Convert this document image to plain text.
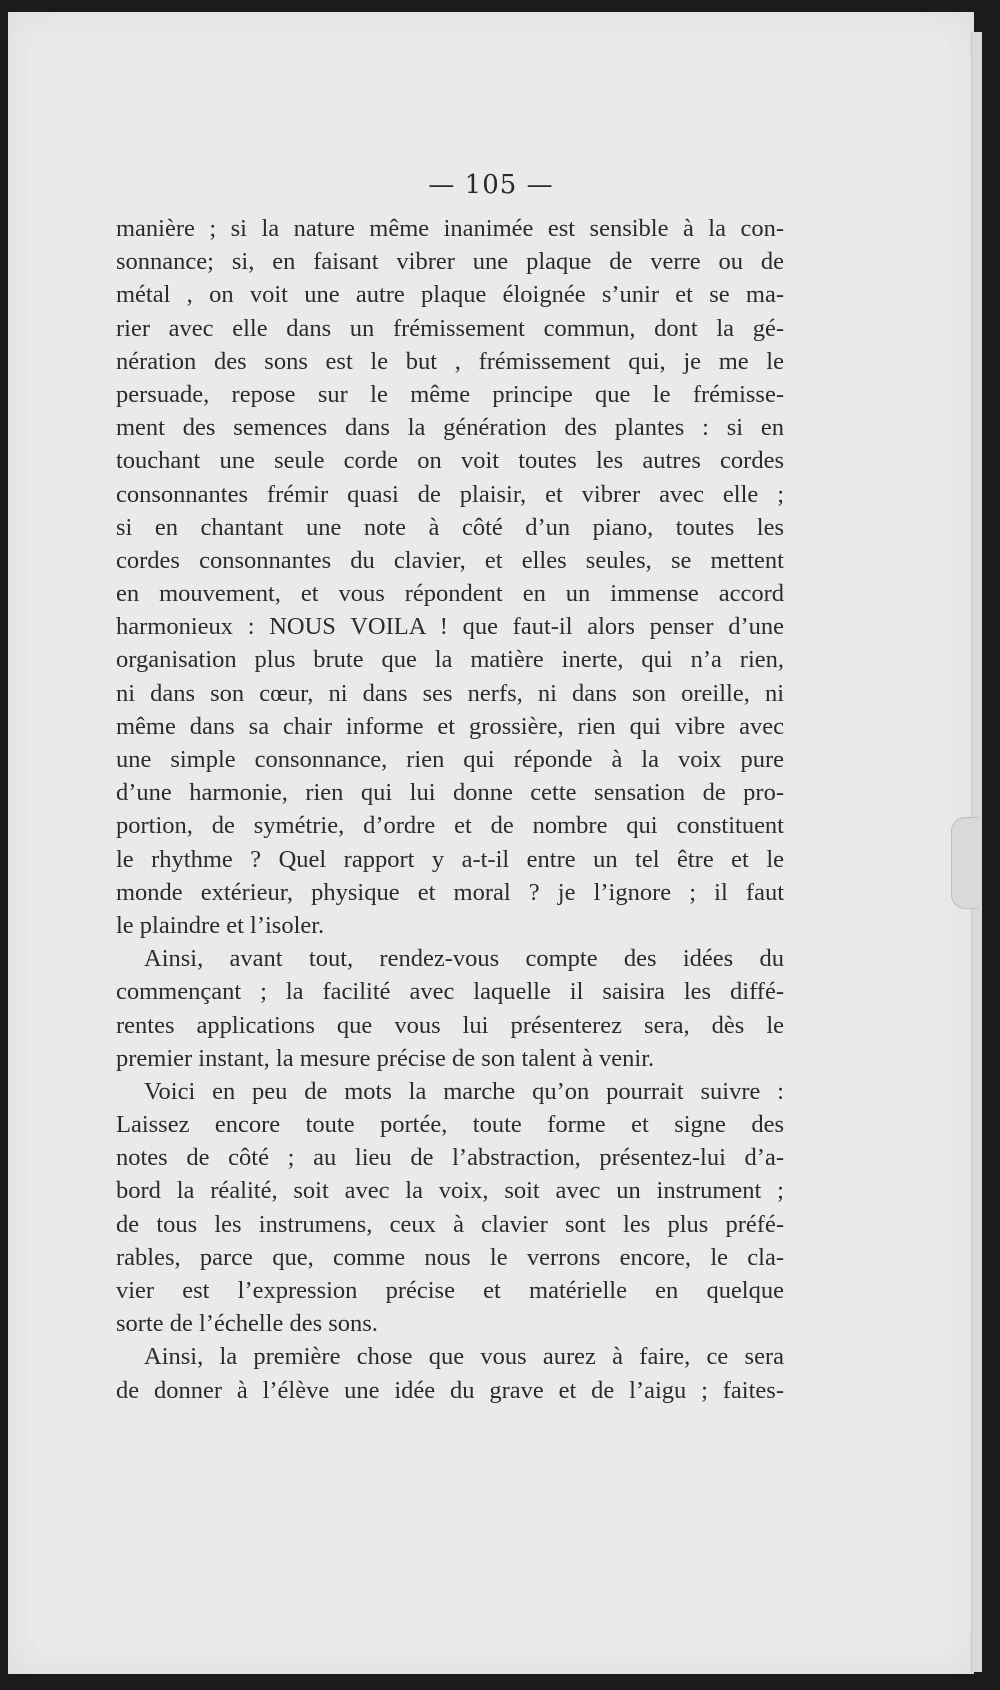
— 105 —
manière ; si la nature même inanimée est sensible à la con-
sonnance; si, en faisant vibrer une plaque de verre ou de
métal , on voit une autre plaque éloignée s’unir et se ma-
rier avec elle dans un frémissement commun, dont la gé-
nération des sons est le but , frémissement qui, je me le
persuade, repose sur le même principe que le frémisse-
ment des semences dans la génération des plantes : si en
touchant une seule corde on voit toutes les autres cordes
consonnantes frémir quasi de plaisir, et vibrer avec elle ;
si en chantant une note à côté d’un piano, toutes les
cordes consonnantes du clavier, et elles seules, se mettent
en mouvement, et vous répondent en un immense accord
harmonieux : NOUS VOILA ! que faut-il alors penser d’une
organisation plus brute que la matière inerte, qui n’a rien,
ni dans son cœur, ni dans ses nerfs, ni dans son oreille, ni
même dans sa chair informe et grossière, rien qui vibre avec
une simple consonnance, rien qui réponde à la voix pure
d’une harmonie, rien qui lui donne cette sensation de pro-
portion, de symétrie, d’ordre et de nombre qui constituent
le rhythme ? Quel rapport y a-t-il entre un tel être et le
monde extérieur, physique et moral ? je l’ignore ; il faut
le plaindre et l’isoler.
Ainsi, avant tout, rendez-vous compte des idées du
commençant ; la facilité avec laquelle il saisira les diffé-
rentes applications que vous lui présenterez sera, dès le
premier instant, la mesure précise de son talent à venir.
Voici en peu de mots la marche qu’on pourrait suivre :
Laissez encore toute portée, toute forme et signe des
notes de côté ; au lieu de l’abstraction, présentez-lui d’a-
bord la réalité, soit avec la voix, soit avec un instrument ;
de tous les instrumens, ceux à clavier sont les plus préfé-
rables, parce que, comme nous le verrons encore, le cla-
vier est l’expression précise et matérielle en quelque
sorte de l’échelle des sons.
Ainsi, la première chose que vous aurez à faire, ce sera
de donner à l’élève une idée du grave et de l’aigu ; faites-
